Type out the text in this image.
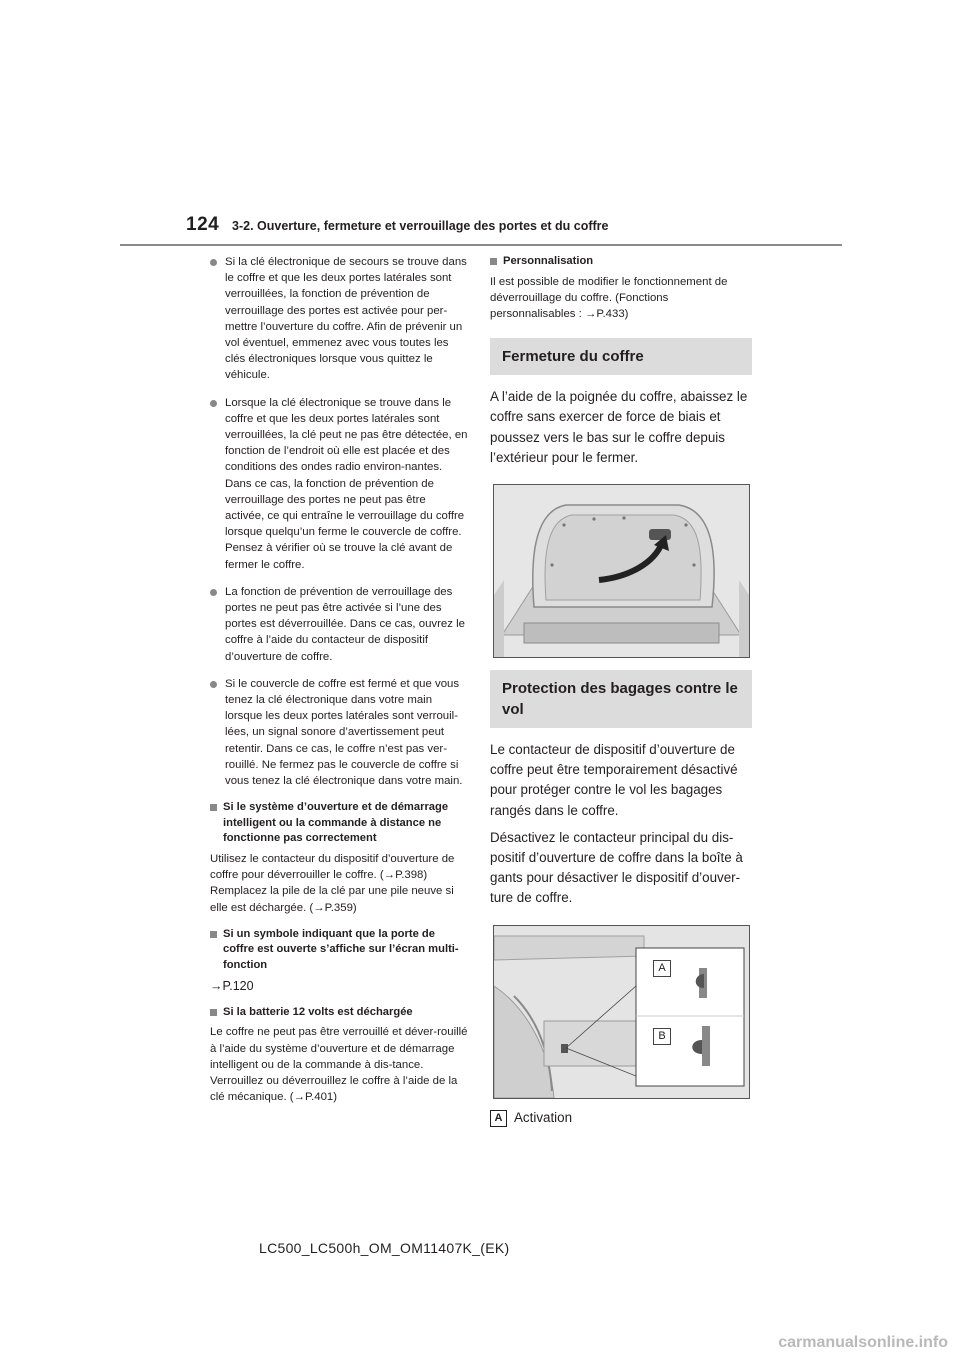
124 3-2. Ouverture, fermeture et verrouillage des portes et du coffre
Si la clé électronique de secours se trouve dans le coffre et que les deux portes latérales sont verrouillées, la fonction de prévention de verrouillage des portes est activée pour per-mettre l’ouverture du coffre. Afin de prévenir un vol éventuel, emmenez avec vous toutes les clés électroniques lorsque vous quittez le véhicule.
Lorsque la clé électronique se trouve dans le coffre et que les deux portes latérales sont verrouillées, la clé peut ne pas être détectée, en fonction de l’endroit où elle est placée et des conditions des ondes radio environ-nantes. Dans ce cas, la fonction de prévention de verrouillage des portes ne peut pas être activée, ce qui entraîne le verrouillage du coffre lorsque quelqu’un ferme le couvercle de coffre. Pensez à vérifier où se trouve la clé avant de fermer le coffre.
La fonction de prévention de verrouillage des portes ne peut pas être activée si l’une des portes est déverrouillée. Dans ce cas, ouvrez le coffre à l’aide du contacteur de dispositif d’ouverture de coffre.
Si le couvercle de coffre est fermé et que vous tenez la clé électronique dans votre main lorsque les deux portes latérales sont verrouil-lées, un signal sonore d’avertissement peut retentir. Dans ce cas, le coffre n’est pas ver-rouillé. Ne fermez pas le couvercle de coffre si vous tenez la clé électronique dans votre main.
Si le système d’ouverture et de démarrage intelligent ou la commande à distance ne fonctionne pas correctement
Utilisez le contacteur du dispositif d’ouverture de coffre pour déverrouiller le coffre. (→P.398) Remplacez la pile de la clé par une pile neuve si elle est déchargée. (→P.359)
Si un symbole indiquant que la porte de coffre est ouverte s’affiche sur l’écran multi-fonction
→P.120
Si la batterie 12 volts est déchargée
Le coffre ne peut pas être verrouillé et déver-rouillé à l’aide du système d’ouverture et de démarrage intelligent ou de la commande à dis-tance. Verrouillez ou déverrouillez le coffre à l’aide de la clé mécanique. (→P.401)
Personnalisation
Il est possible de modifier le fonctionnement de déverrouillage du coffre. (Fonctions personnalisables : →P.433)
Fermeture du coffre
A l’aide de la poignée du coffre, abaissez le coffre sans exercer de force de biais et poussez vers le bas sur le coffre depuis l’extérieur pour le fermer.
Protection des bagages contre le vol
Le contacteur de dispositif d’ouverture de coffre peut être temporairement désactivé pour protéger contre le vol les bagages rangés dans le coffre.
Désactivez le contacteur principal du dis-positif d’ouverture de coffre dans la boîte à gants pour désactiver le dispositif d’ouver-ture de coffre.
A
B
A Activation
LC500_LC500h_OM_OM11407K_(EK)
carmanualsonline.info
